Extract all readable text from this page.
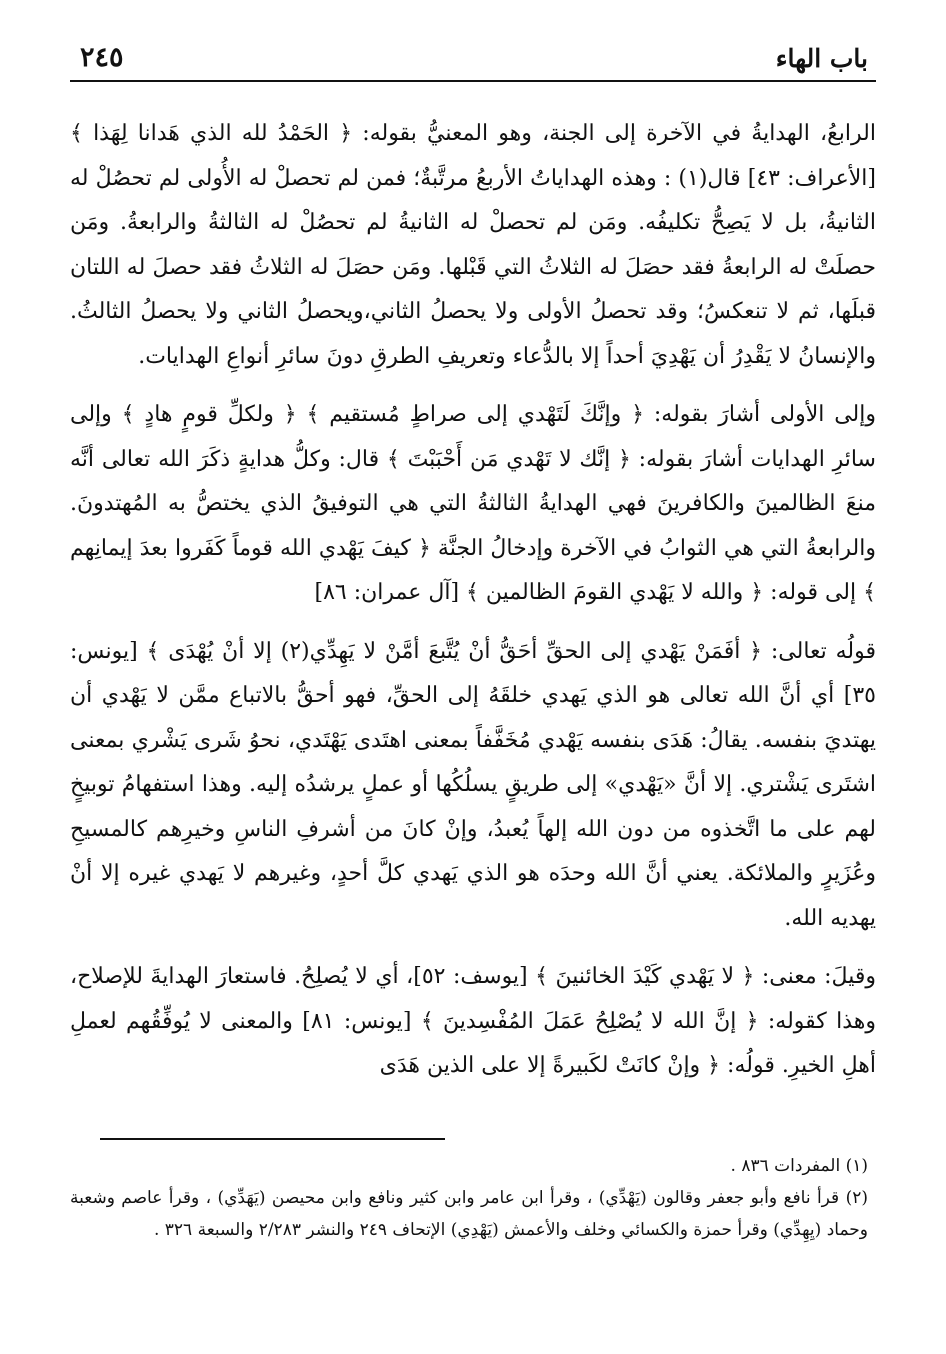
٢٤٥	باب الهاء

الرابعُ، الهدايةُ في الآخرة إلى الجنة، وهو المعنيُّ بقوله: ﴿ الحَمْدُ لله الذي هَدانا لِهَذا ﴾ [الأعراف: ٤٣] قال(١) : وهذه الهداياتُ الأربعُ مرتَّبةٌ؛ فمن لم تحصلْ له الأُولى لم تحصُلْ له الثانيةُ، بل لا يَصِحُّ تكليفُه. ومَن لم تحصلْ له الثانيةُ لم تحصُلْ له الثالثةُ والرابعةُ. ومَن حصلَتْ له الرابعةُ فقد حصَلَ له الثلاثُ التي قَبْلها. ومَن حصَلَ له الثلاثُ فقد حصلَ له اللتان قبلَها، ثم لا تنعكسُ؛ وقد تحصلُ الأولى ولا يحصلُ الثاني،ويحصلُ الثاني ولا يحصلُ الثالثُ. والإنسانُ لا يَقْدِرُ أن يَهْدِيَ أحداً إلا بالدُّعاء وتعريفِ الطرقِ دونَ سائرِ أنواعِ الهدايات.

وإلى الأولى أشارَ بقوله: ﴿ وإنَّكَ لَتَهْدي إلى صراطٍ مُستقيم ﴾ ﴿ ولكلِّ قومٍ هادٍ ﴾ وإلى سائرِ الهدايات أشارَ بقوله: ﴿ إنَّك لا تَهْدي مَن أَحْبَبْتَ ﴾ قال: وكلُّ هدايةٍ ذكَرَ الله تعالى أنَّه منعَ الظالمينَ والكافرينَ فهي الهدايةُ الثالثةُ التي هي التوفيقُ الذي يختصُّ به المُهتدونَ. والرابعةُ التي هي الثوابُ في الآخرة وإدخالُ الجنَّة ﴿ كيفَ يَهْدي الله قوماً كَفَروا بعدَ إيمانِهم ﴾ إلى قوله: ﴿ والله لا يَهْدي القومَ الظالمين ﴾ [آل عمران: ٨٦]

قولُه تعالى: ﴿ أفَمَنْ يَهْدي إلى الحقِّ أحَقُّ أنْ يُتَّبعَ أمَّنْ لا يَهِدِّي(٢) إلا أنْ يُهْدَى ﴾ [يونس: ٣٥] أي أنَّ الله تعالى هو الذي يَهدي خلقَهُ إلى الحقِّ، فهو أحقُّ بالاتباع ممَّن لا يَهْدي أن يهتديَ بنفسه. يقالُ: هَدَى بنفسه يَهْدي مُخَفَّفاً بمعنى اهتَدى يَهْتَدي، نحوُ شَرى يَشْري بمعنى اشتَرى يَشْتري. إلا أنَّ «يَهْدي» إلى طريقٍ يسلُكُها أو عملٍ يرشدُه إليه. وهذا استفهامُ توبيخٍ لهم على ما اتَّخذوه من دون الله إلهاً يُعبدُ، وإنْ كانَ من أشرفِ الناسِ وخيرِهم كالمسيحِ وعُزَيرٍ والملائكة. يعني أنَّ الله وحدَه هو الذي يَهدي كلَّ أحدٍ، وغيرهم لا يَهدي غيره إلا أنْ يهديه الله.

وقيلَ: معنى: ﴿ لا يَهْدي كَيْدَ الخائنينَ ﴾ [يوسف: ٥٢]، أي لا يُصلِحُ. فاستعارَ الهدايةَ للإصلاح، وهذا كقوله: ﴿ إنَّ الله لا يُصْلِحُ عَمَلَ المُفْسِدينَ ﴾ [يونس: ٨١] والمعنى لا يُوفِّقُهم لعملِ أهلِ الخيرِ. قولُه: ﴿ وإنْ كانَتْ لكَبيرةً إلا على الذين هَدَى

(١) المفردات ٨٣٦ .

(٢) قرأ نافع وأبو جعفر وقالون (يَهْدِّي) ، وقرأ ابن عامر وابن كثير ونافع وابن محيصن (يَهَدِّي) ، وقرأ عاصم وشعبة وحماد (يِهِدِّي) وقرأ حمزة والكسائي وخلف والأعمش (يَهْدِي) الإتحاف ٢٤٩ والنشر ٢/٢٨٣ والسبعة ٣٢٦ .
